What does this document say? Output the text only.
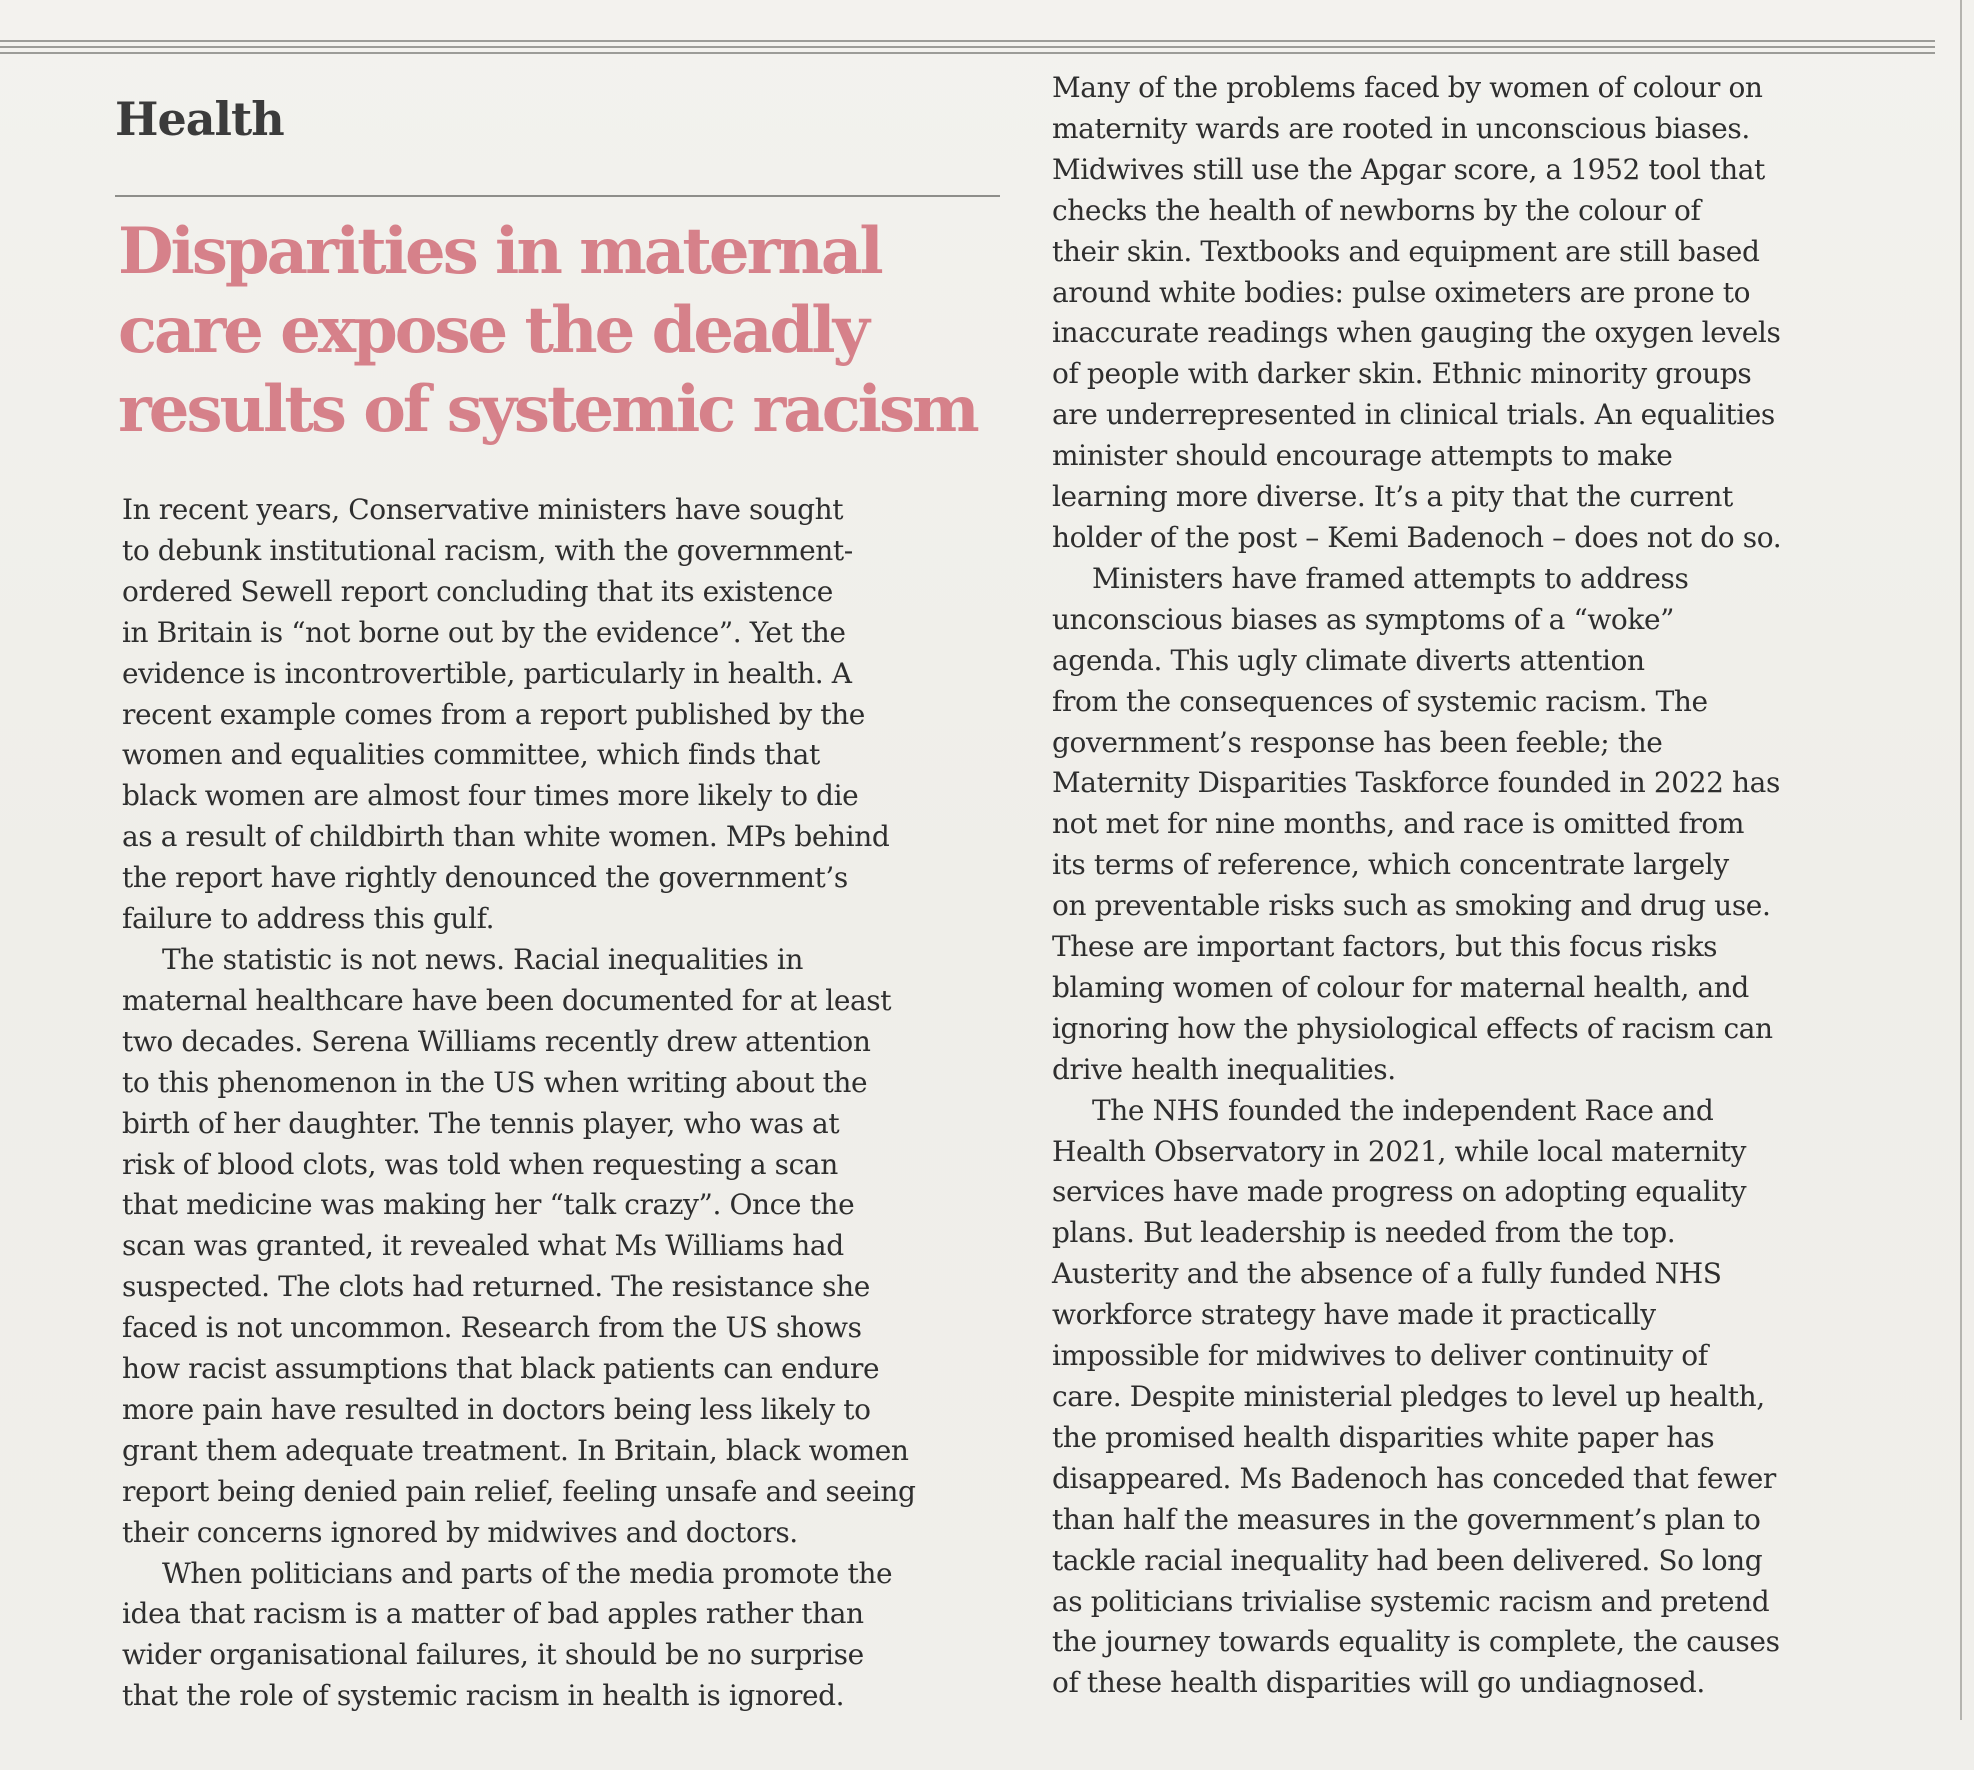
Health
Disparities in maternal care expose the deadly results of systemic racism

In recent years, Conservative ministers have sought
to debunk institutional racism, with the government-
ordered Sewell report concluding that its existence
in Britain is “not borne out by the evidence”. Yet the
evidence is incontrovertible, particularly in health. A
recent example comes from a report published by the
women and equalities committee, which finds that
black women are almost four times more likely to die
as a result of childbirth than white women. MPs behind
the report have rightly denounced the government’s
failure to address this gulf.

The statistic is not news. Racial inequalities in
maternal healthcare have been documented for at least
two decades. Serena Williams recently drew attention
to this phenomenon in the US when writing about the
birth of her daughter. The tennis player, who was at
risk of blood clots, was told when requesting a scan
that medicine was making her “talk crazy”. Once the
scan was granted, it revealed what Ms Williams had
suspected. The clots had returned. The resistance she
faced is not uncommon. Research from the US shows
how racist assumptions that black patients can endure
more pain have resulted in doctors being less likely to
grant them adequate treatment. In Britain, black women
report being denied pain relief, feeling unsafe and seeing
their concerns ignored by midwives and doctors.

When politicians and parts of the media promote the
idea that racism is a matter of bad apples rather than
wider organisational failures, it should be no surprise
that the role of systemic racism in health is ignored.

Many of the problems faced by women of colour on
maternity wards are rooted in unconscious biases.
Midwives still use the Apgar score, a 1952 tool that
checks the health of newborns by the colour of
their skin. Textbooks and equipment are still based
around white bodies: pulse oximeters are prone to
inaccurate readings when gauging the oxygen levels
of people with darker skin. Ethnic minority groups
are underrepresented in clinical trials. An equalities
minister should encourage attempts to make
learning more diverse. It’s a pity that the current
holder of the post – Kemi Badenoch – does not do so.

Ministers have framed attempts to address
unconscious biases as symptoms of a “woke”
agenda. This ugly climate diverts attention
from the consequences of systemic racism. The
government’s response has been feeble; the
Maternity Disparities Taskforce founded in 2022 has
not met for nine months, and race is omitted from
its terms of reference, which concentrate largely
on preventable risks such as smoking and drug use.
These are important factors, but this focus risks
blaming women of colour for maternal health, and
ignoring how the physiological effects of racism can
drive health inequalities.

The NHS founded the independent Race and
Health Observatory in 2021, while local maternity
services have made progress on adopting equality
plans. But leadership is needed from the top.
Austerity and the absence of a fully funded NHS
workforce strategy have made it practically
impossible for midwives to deliver continuity of
care. Despite ministerial pledges to level up health,
the promised health disparities white paper has
disappeared. Ms Badenoch has conceded that fewer
than half the measures in the government’s plan to
tackle racial inequality had been delivered. So long
as politicians trivialise systemic racism and pretend
the journey towards equality is complete, the causes
of these health disparities will go undiagnosed.
